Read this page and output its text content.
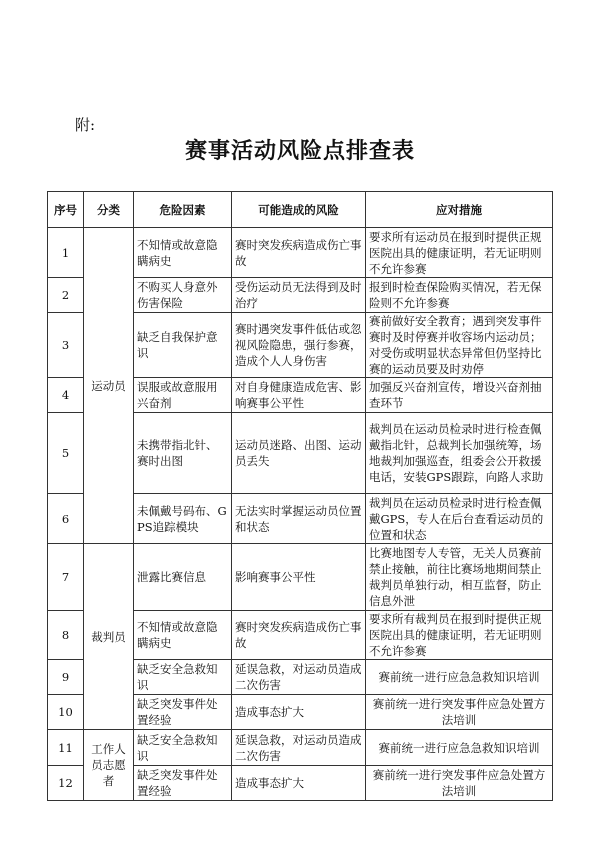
附:
赛事活动风险点排查表
序号	分类	危险因素	可能造成的风险	应对措施
1	运动员	不知情或故意隐瞒病史	赛时突发疾病造成伤亡事故	要求所有运动员在报到时提供正规医院出具的健康证明，若无证明则不允许参赛
2		不购买人身意外伤害保险	受伤运动员无法得到及时治疗	报到时检查保险购买情况，若无保险则不允许参赛
3		缺乏自我保护意识	赛时遇突发事件低估或忽视风险隐患，强行参赛，造成个人人身伤害	赛前做好安全教育；遇到突发事件赛时及时停赛并收容场内运动员；对受伤或明显状态异常但仍坚持比赛的运动员要及时劝停
4		误服或故意服用兴奋剂	对自身健康造成危害、影响赛事公平性	加强反兴奋剂宣传，增设兴奋剂抽查环节
5		未携带指北针、赛时出图	运动员迷路、出图、运动员丢失	裁判员在运动员检录时进行检查佩戴指北针，总裁判长加强统筹，场地裁判加强巡查，组委会公开救援电话，安装GPS跟踪，向路人求助
6		未佩戴号码布、GPS追踪模块	无法实时掌握运动员位置和状态	裁判员在运动员检录时进行检查佩戴GPS，专人在后台查看运动员的位置和状态
7	裁判员	泄露比赛信息	影响赛事公平性	比赛地图专人专管，无关人员赛前禁止接触，前往比赛场地期间禁止裁判员单独行动，相互监督，防止信息外泄
8		不知情或故意隐瞒病史	赛时突发疾病造成伤亡事故	要求所有裁判员在报到时提供正规医院出具的健康证明，若无证明则不允许参赛
9		缺乏安全急救知识	延误急救，对运动员造成二次伤害	赛前统一进行应急急救知识培训
10		缺乏突发事件处置经验	造成事态扩大	赛前统一进行突发事件应急处置方法培训
11	工作人员志愿者	缺乏安全急救知识	延误急救，对运动员造成二次伤害	赛前统一进行应急急救知识培训
12		缺乏突发事件处置经验	造成事态扩大	赛前统一进行突发事件应急处置方法培训
